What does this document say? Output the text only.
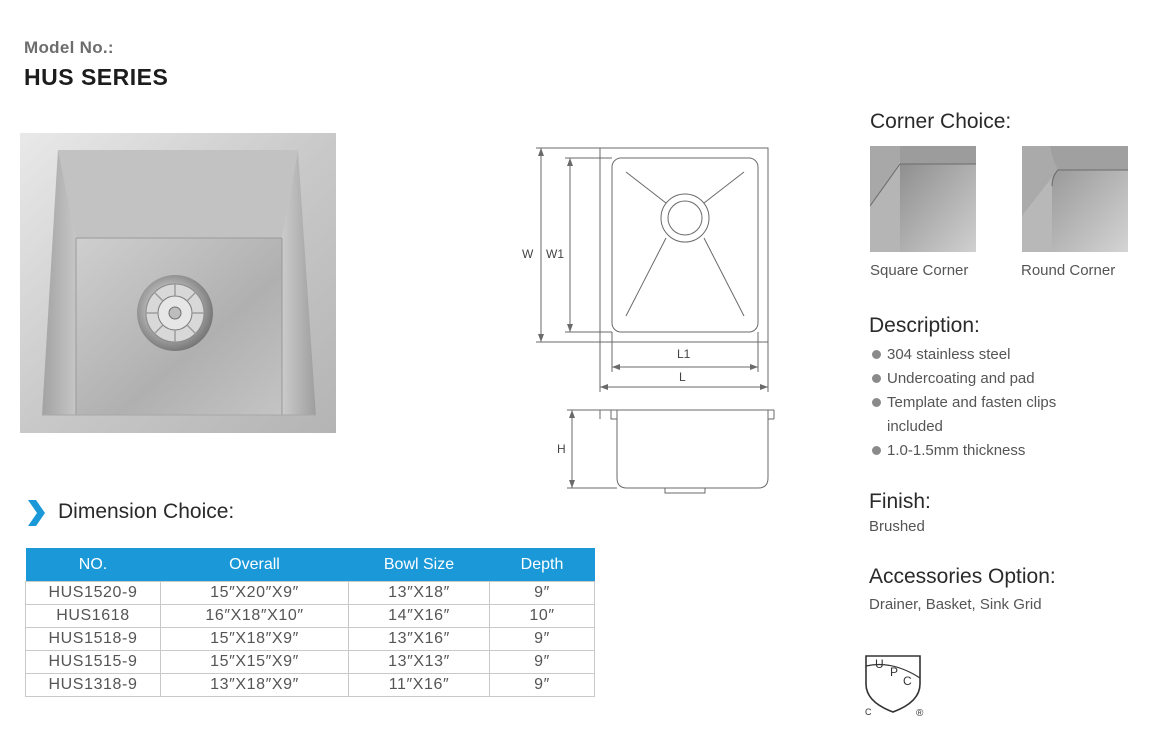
Model No.:
HUS SERIES
W W1
L1
L
H
Dimension Choice:
NO.	Overall	Bowl Size	Depth
HUS1520-9	15″X20″X9″	13″X18″	9″
HUS1618	16″X18″X10″	14″X16″	10″
HUS1518-9	15″X18″X9″	13″X16″	9″
HUS1515-9	15″X15″X9″	13″X13″	9″
HUS1318-9	13″X18″X9″	11″X16″	9″
Corner Choice:
Square Corner	Round Corner
Description:
304 stainless steel
Undercoating and pad
Template and fasten clips included
1.0-1.5mm thickness
Finish:
Brushed
Accessories Option:
Drainer, Basket, Sink Grid
U
P
C
C	®
